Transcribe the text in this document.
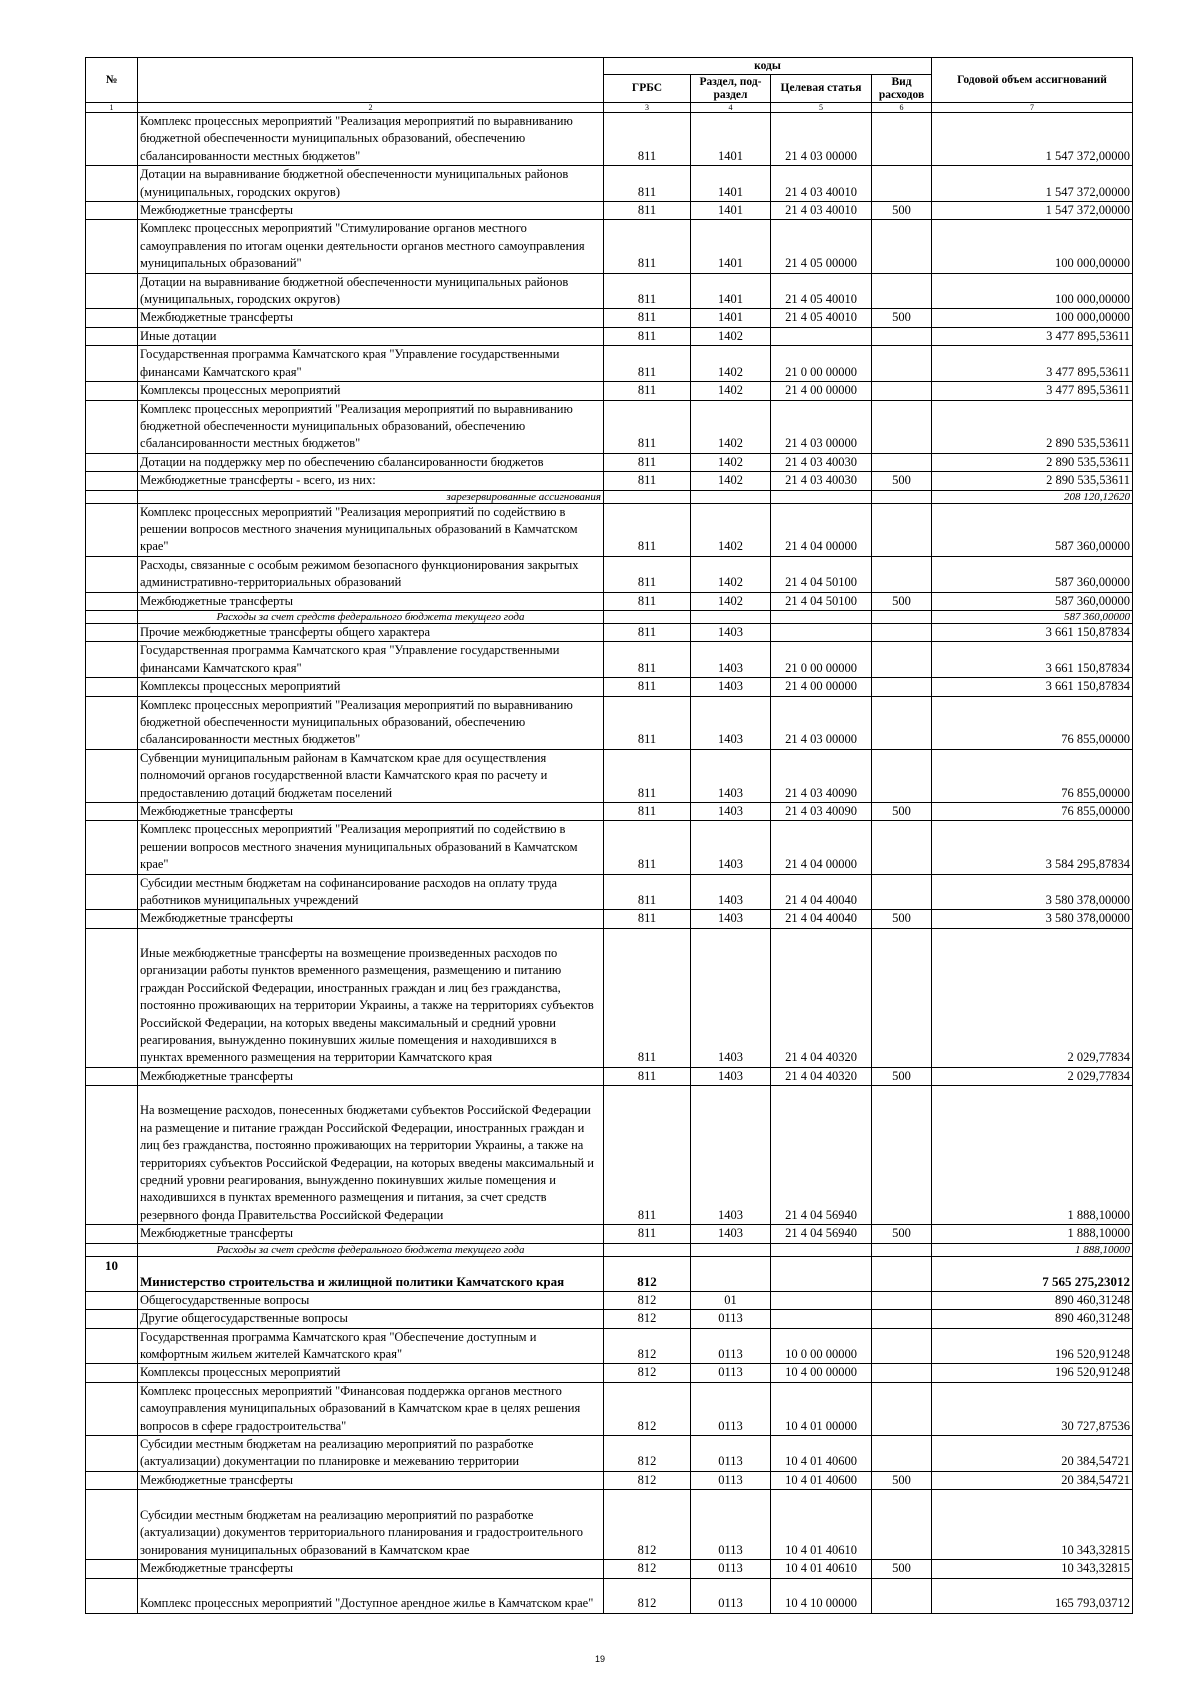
№		коды				Годовой объем ассигнований
		ГРБС	Раздел, под-раздел	Целевая статья	Вид расходов	
1	2	3	4	5	6	7
	Комплекс процессных мероприятий "Реализация мероприятий по выравниванию бюджетной обеспеченности муниципальных образований, обеспечению сбалансированности местных бюджетов"	811	1401	21 4 03 00000		1 547 372,00000
	Дотации на выравнивание бюджетной обеспеченности муниципальных районов (муниципальных, городских округов)	811	1401	21 4 03 40010		1 547 372,00000
	Межбюджетные трансферты	811	1401	21 4 03 40010	500	1 547 372,00000
	Комплекс процессных мероприятий "Стимулирование органов местного самоуправления по итогам оценки деятельности органов местного самоуправления муниципальных образований"	811	1401	21 4 05 00000		100 000,00000
	Дотации на выравнивание бюджетной обеспеченности муниципальных районов (муниципальных, городских округов)	811	1401	21 4 05 40010		100 000,00000
	Межбюджетные трансферты	811	1401	21 4 05 40010	500	100 000,00000
	Иные дотации	811	1402			3 477 895,53611
	Государственная программа Камчатского края "Управление государственными финансами Камчатского края"	811	1402	21 0 00 00000		3 477 895,53611
	Комплексы процессных мероприятий	811	1402	21 4 00 00000		3 477 895,53611
	Комплекс процессных мероприятий "Реализация мероприятий по выравниванию бюджетной обеспеченности муниципальных образований, обеспечению сбалансированности местных бюджетов"	811	1402	21 4 03 00000		2 890 535,53611
	Дотации на поддержку мер по обеспечению сбалансированности бюджетов	811	1402	21 4 03 40030		2 890 535,53611
	Межбюджетные трансферты - всего, из них:	811	1402	21 4 03 40030	500	2 890 535,53611
	зарезервированные ассигнования					208 120,12620
	Комплекс процессных мероприятий "Реализация мероприятий по содействию в решении вопросов местного значения муниципальных образований в Камчатском крае"	811	1402	21 4 04 00000		587 360,00000
	Расходы, связанные с особым режимом безопасного функционирования закрытых административно-территориальных образований	811	1402	21 4 04 50100		587 360,00000
	Межбюджетные трансферты	811	1402	21 4 04 50100	500	587 360,00000
	Расходы за счет средств федерального бюджета текущего года					587 360,00000
	Прочие межбюджетные трансферты общего характера	811	1403			3 661 150,87834
	Государственная программа Камчатского края "Управление государственными финансами Камчатского края"	811	1403	21 0 00 00000		3 661 150,87834
	Комплексы процессных мероприятий	811	1403	21 4 00 00000		3 661 150,87834
	Комплекс процессных мероприятий "Реализация мероприятий по выравниванию бюджетной обеспеченности муниципальных образований, обеспечению сбалансированности местных бюджетов"	811	1403	21 4 03 00000		76 855,00000
	Субвенции муниципальным районам в Камчатском крае для осуществления полномочий органов государственной власти Камчатского края по расчету и предоставлению дотаций бюджетам поселений	811	1403	21 4 03 40090		76 855,00000
	Межбюджетные трансферты	811	1403	21 4 03 40090	500	76 855,00000
	Комплекс процессных мероприятий "Реализация мероприятий по содействию в решении вопросов местного значения муниципальных образований в Камчатском крае"	811	1403	21 4 04 00000		3 584 295,87834
	Субсидии местным бюджетам на софинансирование расходов на оплату труда работников муниципальных учреждений	811	1403	21 4 04 40040		3 580 378,00000
	Межбюджетные трансферты	811	1403	21 4 04 40040	500	3 580 378,00000
	Иные межбюджетные трансферты на возмещение произведенных расходов по организации работы пунктов временного размещения, размещению и питанию граждан Российской Федерации, иностранных граждан и лиц без гражданства, постоянно проживающих на территории Украины, а также на территориях субъектов Российской Федерации, на которых введены максимальный и средний уровни реагирования, вынужденно покинувших жилые помещения и находившихся в пунктах временного размещения на территории Камчатского края	811	1403	21 4 04 40320		2 029,77834
	Межбюджетные трансферты	811	1403	21 4 04 40320	500	2 029,77834
	На возмещение расходов, понесенных бюджетами субъектов Российской Федерации на размещение и питание граждан Российской Федерации, иностранных граждан и лиц без гражданства, постоянно проживающих на территории Украины, а также на территориях субъектов Российской Федерации, на которых введены максимальный и средний уровни реагирования, вынужденно покинувших жилые помещения и находившихся в пунктах временного размещения и питания, за счет средств резервного фонда Правительства Российской Федерации	811	1403	21 4 04 56940		1 888,10000
	Межбюджетные трансферты	811	1403	21 4 04 56940	500	1 888,10000
	Расходы за счет средств федерального бюджета текущего года					1 888,10000
10	Министерство строительства и жилищной политики Камчатского края	812				7 565 275,23012
	Общегосударственные вопросы	812	01			890 460,31248
	Другие общегосударственные вопросы	812	0113			890 460,31248
	Государственная программа Камчатского края "Обеспечение доступным и комфортным жильем жителей Камчатского края"	812	0113	10 0 00 00000		196 520,91248
	Комплексы процессных мероприятий	812	0113	10 4 00 00000		196 520,91248
	Комплекс процессных мероприятий "Финансовая поддержка органов местного самоуправления муниципальных образований в Камчатском крае в целях решения вопросов в сфере градостроительства"	812	0113	10 4 01 00000		30 727,87536
	Субсидии местным бюджетам на реализацию мероприятий по разработке (актуализации) документации по планировке и межеванию территории	812	0113	10 4 01 40600		20 384,54721
	Межбюджетные трансферты	812	0113	10 4 01 40600	500	20 384,54721
	Субсидии местным бюджетам на реализацию мероприятий по разработке (актуализации) документов территориального планирования и градостроительного зонирования муниципальных образований в Камчатском крае	812	0113	10 4 01 40610		10 343,32815
	Межбюджетные трансферты	812	0113	10 4 01 40610	500	10 343,32815
	Комплекс процессных мероприятий "Доступное арендное жилье в Камчатском крае"	812	0113	10 4 10 00000		165 793,03712
19
